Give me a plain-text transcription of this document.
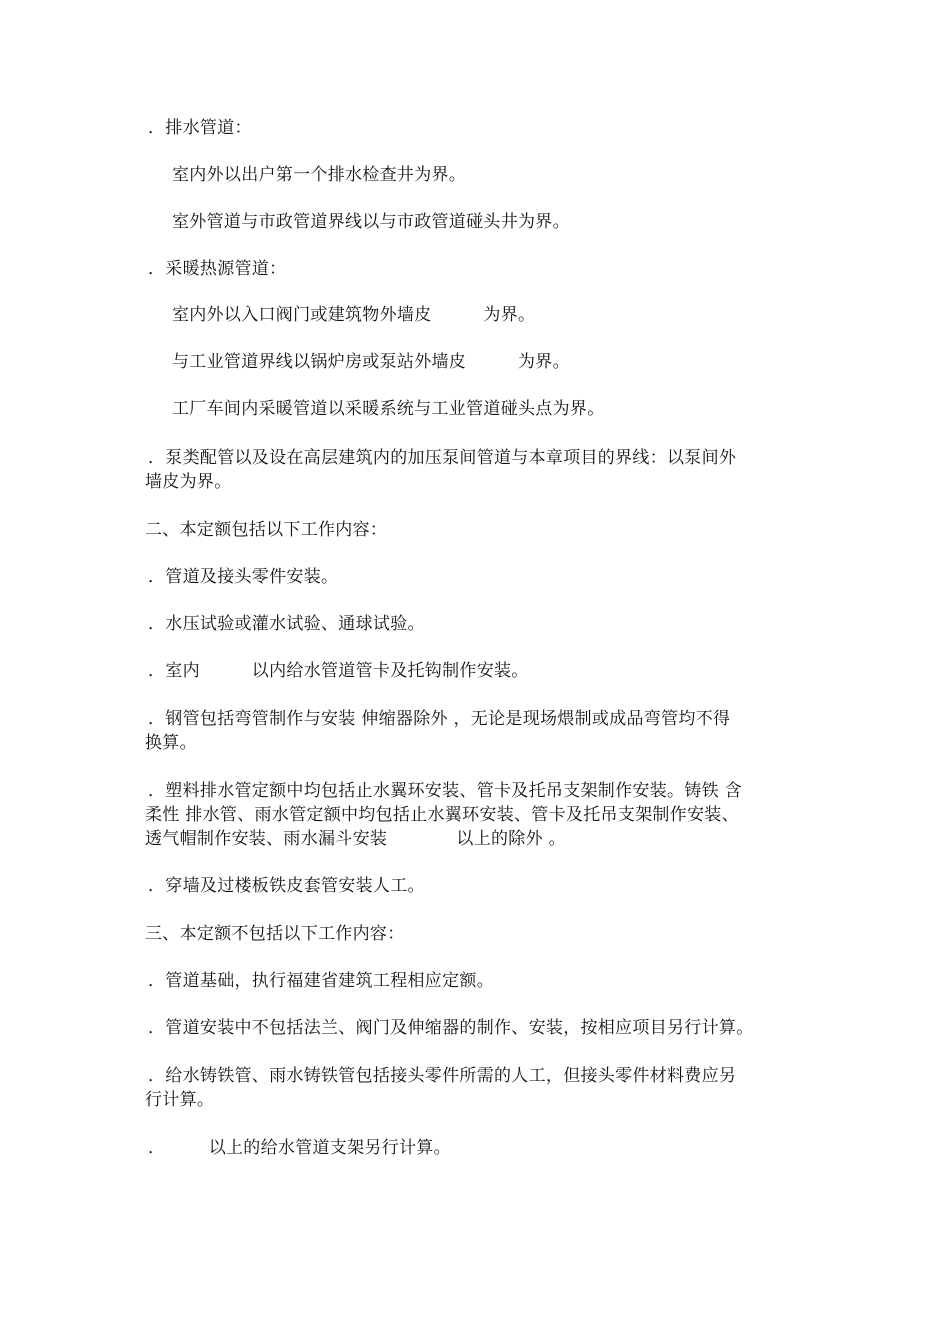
．排水管道：
室内外以出户第一个排水检查井为界。
室外管道与市政管道界线以与市政管道碰头井为界。
．采暖热源管道：
室内外以入口阀门或建筑物外墙皮　　　为界。
与工业管道界线以锅炉房或泵站外墙皮　　　为界。
工厂车间内采暖管道以采暖系统与工业管道碰头点为界。
．泵类配管以及设在高层建筑内的加压泵间管道与本章项目的界线：以泵间外
墙皮为界。
二、本定额包括以下工作内容：
．管道及接头零件安装。
．水压试验或灌水试验、通球试验。
．室内　　　以内给水管道管卡及托钩制作安装。
．钢管包括弯管制作与安装 伸缩器除外 ，无论是现场煨制或成品弯管均不得
换算。
．塑料排水管定额中均包括止水翼环安装、管卡及托吊支架制作安装。铸铁 含
柔性 排水管、雨水管定额中均包括止水翼环安装、管卡及托吊支架制作安装、
透气帽制作安装、雨水漏斗安装　　　　以上的除外 。
．穿墙及过楼板铁皮套管安装人工。
三、本定额不包括以下工作内容：
．管道基础，执行福建省建筑工程相应定额。
．管道安装中不包括法兰、阀门及伸缩器的制作、安装，按相应项目另行计算。
．给水铸铁管、雨水铸铁管包括接头零件所需的人工，但接头零件材料费应另
行计算。
．　　　以上的给水管道支架另行计算。
